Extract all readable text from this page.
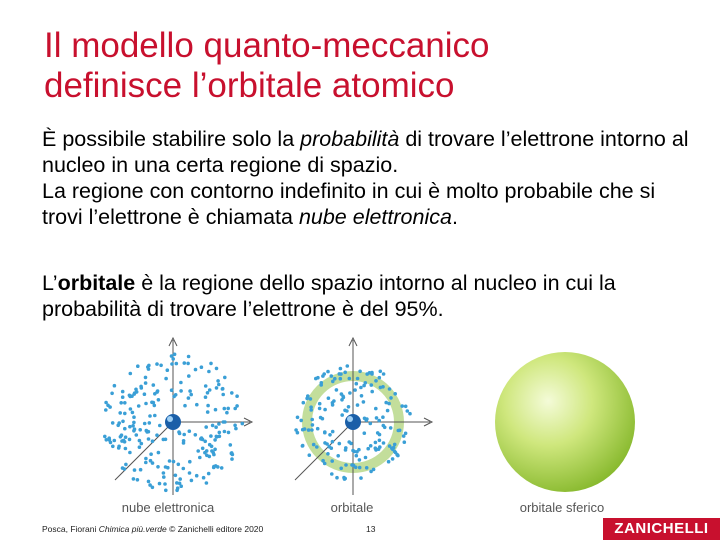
Il modello quanto-meccanico
definisce l’orbitale atomico

È possibile stabilire solo la probabilità di trovare l’elettrone intorno al nucleo in una certa regione di spazio.

La regione con contorno indefinito in cui è molto probabile che si trovi l’elettrone è chiamata nube elettronica.

L’orbitale è la regione dello spazio intorno al nucleo in cui la probabilità di trovare l’elettrone è del 95%.

nube elettronica	orbitale	orbitale sferico
Posca, Fiorani Chimica più.verde © Zanichelli editore 2020	13	ZANICHELLI
